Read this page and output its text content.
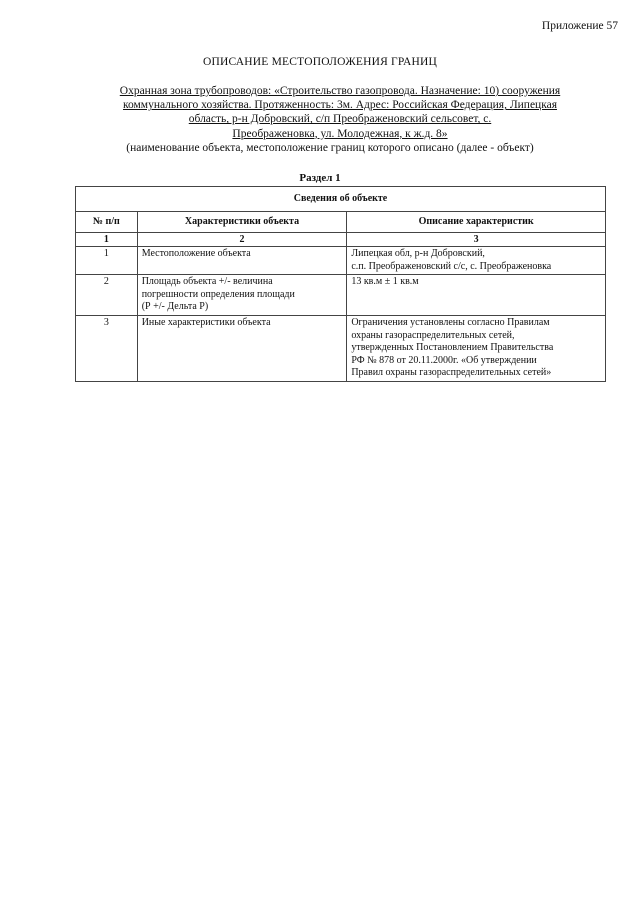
Приложение 57
ОПИСАНИЕ МЕСТОПОЛОЖЕНИЯ ГРАНИЦ
Охранная зона трубопроводов: «Строительство газопровода. Назначение: 10) сооружения
коммунального хозяйства. Протяженность: 3м. Адрес: Российская Федерация, Липецкая
область, р-н Добровский, с/п Преображеновский сельсовет, с.
Преображеновка, ул. Молодежная, к ж.д. 8»
(наименование объекта, местоположение границ которого описано (далее - объект)
Раздел 1
Сведения об объекте		
№ п/п	Характеристики объекта	Описание характеристик
1	2	3
1	Местоположение объекта	Липецкая обл, р-н Добровский,
с.п. Преображеновский с/с, с. Преображеновка

2	Площадь объекта +/- величина
погрешности определения площади
(Р +/- Дельта Р)	13 кв.м ± 1 кв.м

3	Иные характеристики объекта	Ограничения установлены согласно Правилам
охраны газораспределительных сетей,
утвержденных Постановлением Правительства
РФ № 878 от 20.11.2000г. «Об утверждении
Правил охраны газораспределительных сетей»
